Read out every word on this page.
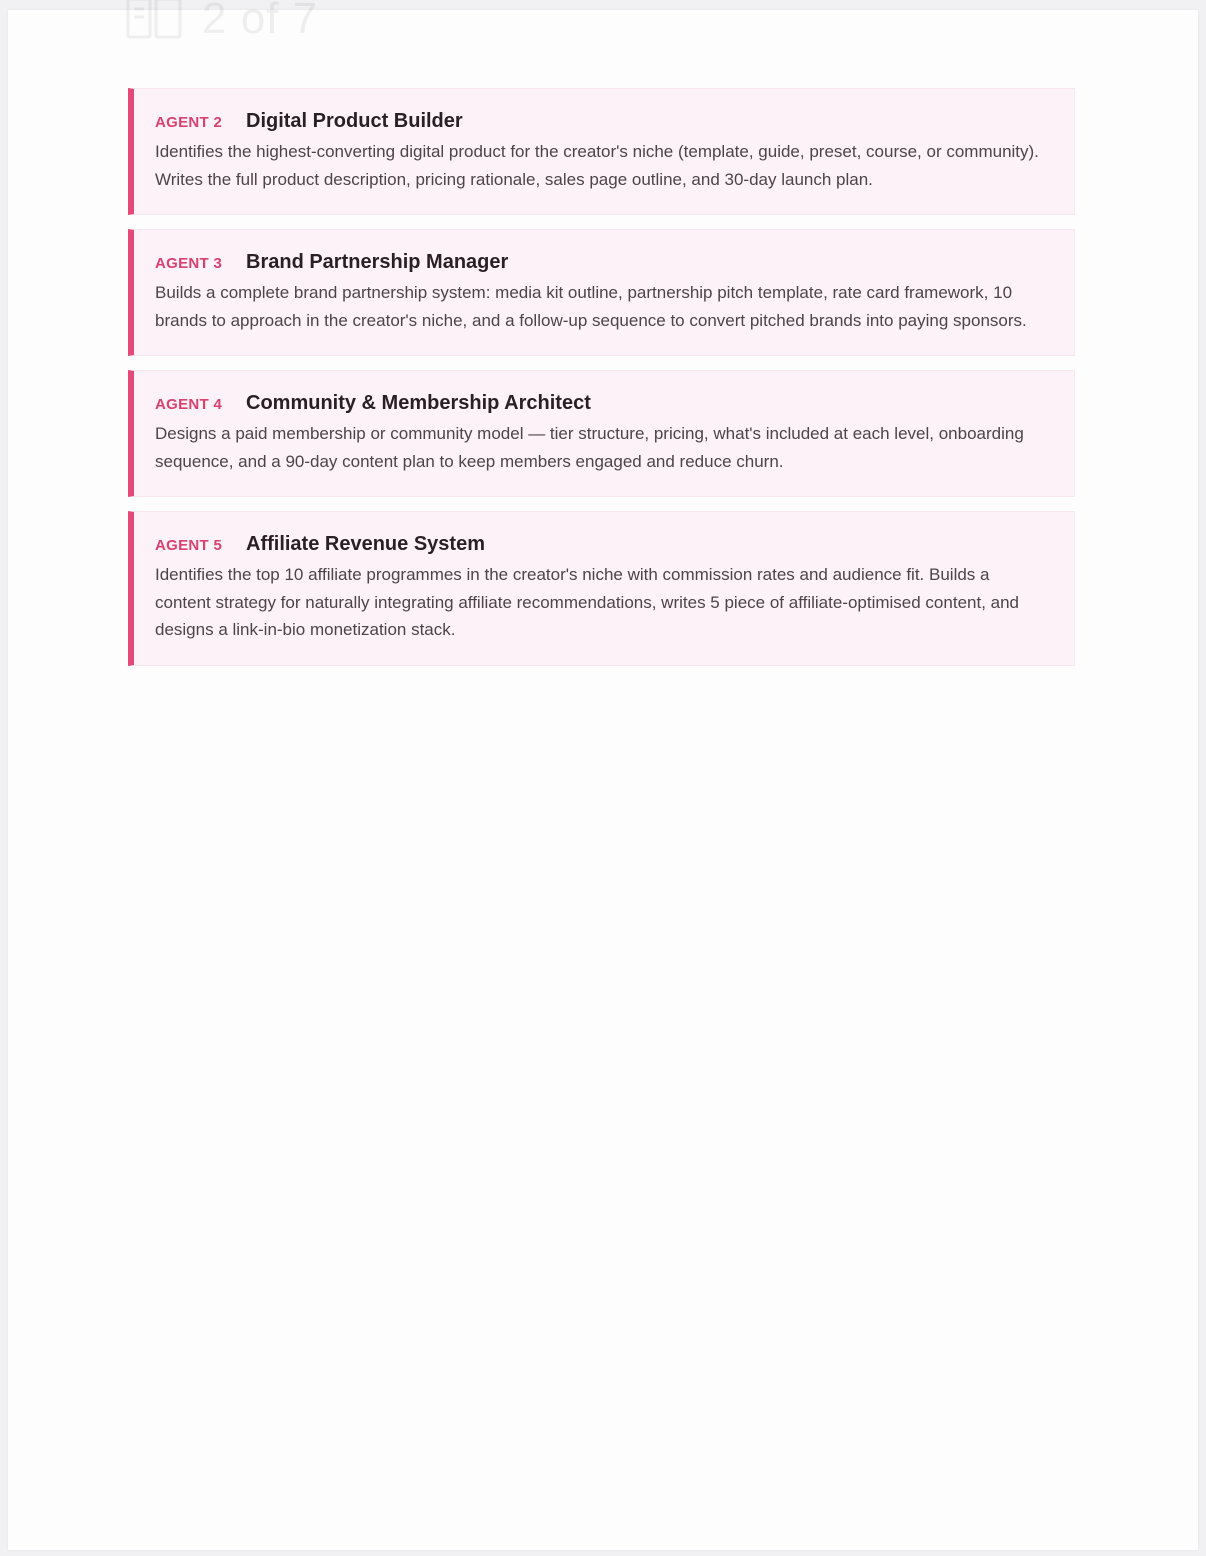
2 of 7
AGENT 2	Digital Product Builder

Identifies the highest-converting digital product for the creator's niche (template, guide, preset, course, or community). Writes the full product description, pricing rationale, sales page outline, and 30-day launch plan.

AGENT 3	Brand Partnership Manager

Builds a complete brand partnership system: media kit outline, partnership pitch template, rate card framework, 10 brands to approach in the creator's niche, and a follow-up sequence to convert pitched brands into paying sponsors.

AGENT 4	Community & Membership Architect

Designs a paid membership or community model — tier structure, pricing, what's included at each level, onboarding sequence, and a 90-day content plan to keep members engaged and reduce churn.

AGENT 5	Affiliate Revenue System

Identifies the top 10 affiliate programmes in the creator's niche with commission rates and audience fit. Builds a content strategy for naturally integrating affiliate recommendations, writes 5 piece of affiliate-optimised content, and designs a link-in-bio monetization stack.
